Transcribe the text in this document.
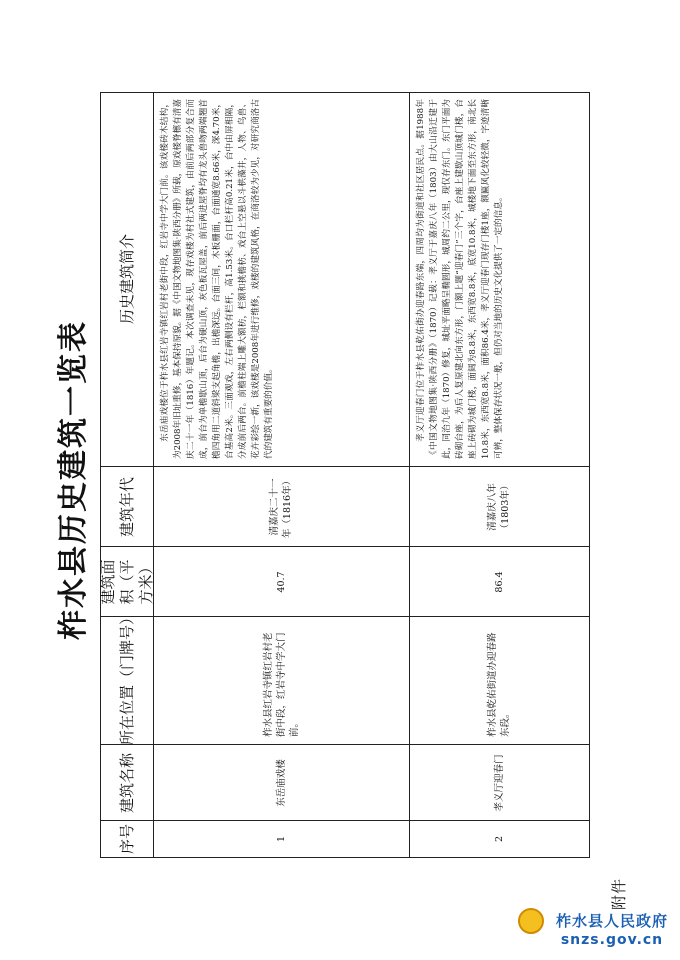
附件
柞水县历史建筑一览表
序号
建筑名称
所在位置（门牌号）
建筑面积（平方米）
建筑年代
历史建筑简介
1
东岳庙戏楼
柞水县红岩寺镇红岩村老街中段，红岩寺中学大门前。
40.7
清嘉庆二十一年（1816年）
东岳庙戏楼位于柞水县红岩寺镇红岩村老街中段，红岩寺中学大门前。该戏楼砖木结构，为2008年旧址重修，基本保持原貌。据《中国文物地图集·陕西分册》所载，原戏楼脊檩有清嘉庆二十一年（1816）年题记。本次调查未见，现存戏楼为村社式建筑，由前后两部分复合而成，前台为单檐歇山顶，后台为硬山顶，灰色板瓦屋盖，前后两进屋脊均有龙头兽吻两端翘首檐四角用二道斜梁支起角檐，出檐深远。台面三间，木板栅面，台面通宽8.66米，深4.70米，台基高2米。三面观戏，左右两侧设有栏杆，高1.53米。台口栏杆高0.21米，台中由屏相隔，分成前后两台。前檐柱端上雕大额枋，栏额和挑檐枋、戏台上空悬以斗栱藻井，人物、鸟兽、花卉彩绘一新，该戏楼是2008年进行维修，戏楼的建筑风格，在商洛较为少见，对研究商洛古代的建筑有重要的价值。
2
孝义厅迎春门
柞水县乾佑街道办迎春路东段。
86.4
清嘉庆八年（1803年）
孝义厅迎春门位于柞水县乾佑街办迎春路东端，四周均为街道和社区居民点。据1988年《中国文物地图集·陕西分册》（1870）记载：孝义厅于嘉庆八年（1803）由大山沿迁建于此，同治九年（1870）修复，城址平面略呈椭圆形，城周约二公里，现仅存东门。东门平面为砖砌台座，为后人复原建北向东方形，门额上题“迎春门”三个字，台座上建歇山顶城门楼，台座上砖砌为城门楼，面阔为8.8米，东西宽8.8米，底宽10.8米，城楼地下面至东方形，南北长10.8米，东西宽8.8米，面积86.4米，孝义厅迎春门现存门楼1座，额匾风化较轻微，字迹清晰可辨，整体保存状况一般，但仍对当地的历史文化提供了一定的信息。
柞水县人民政府
snzs.gov.cn
